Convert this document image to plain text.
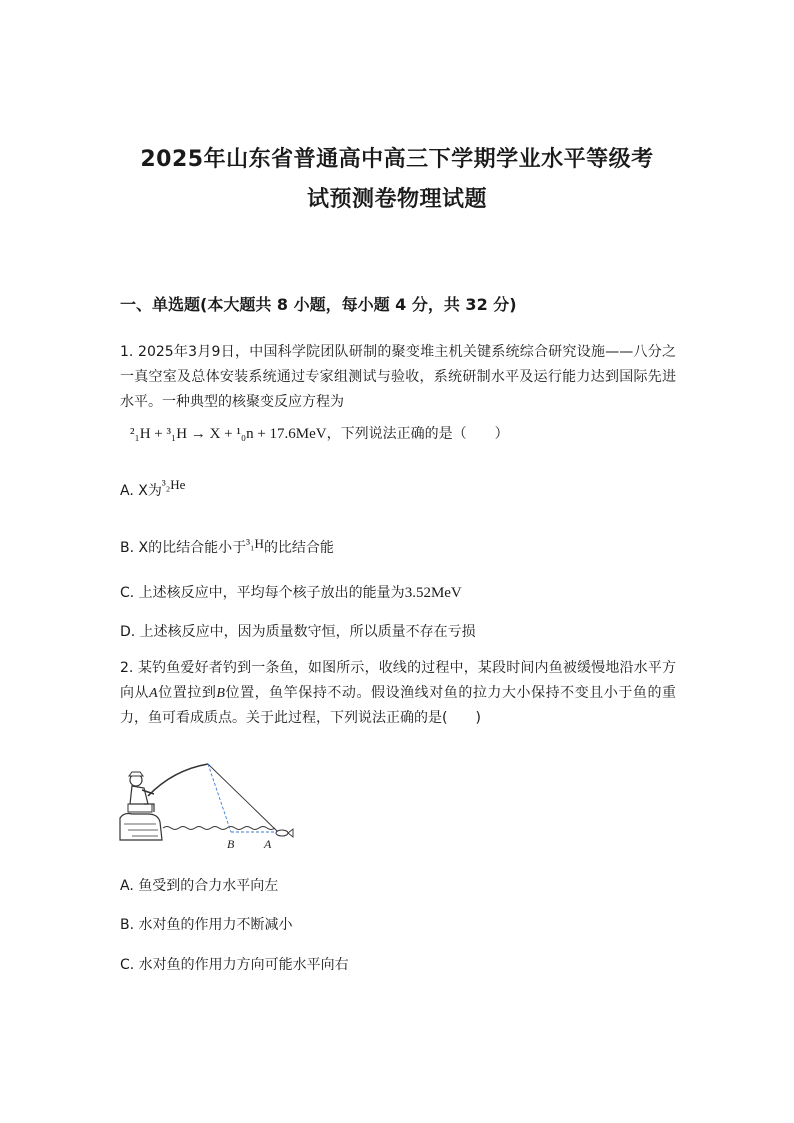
2025年山东省普通高中高三下学期学业水平等级考
试预测卷物理试题
一、单选题(本大题共 8 小题，每小题 4 分，共 32 分)
1. 2025年3月9日，中国科学院团队研制的聚变堆主机关键系统综合研究设施——八分之一真空室及总体安装系统通过专家组测试与验收，系统研制水平及运行能力达到国际先进水平。一种典型的核聚变反应方程为
²₁H + ³₁H → X + ¹₀n + 17.6MeV，下列说法正确的是（　　）
A. X为³₂He
B. X的比结合能小于³₁H的比结合能
C. 上述核反应中，平均每个核子放出的能量为3.52MeV
D. 上述核反应中，因为质量数守恒，所以质量不存在亏损
2. 某钓鱼爱好者钓到一条鱼，如图所示，收线的过程中，某段时间内鱼被缓慢地沿水平方向从A位置拉到B位置，鱼竿保持不动。假设渔线对鱼的拉力大小保持不变且小于鱼的重力，鱼可看成质点。关于此过程，下列说法正确的是(　　)
B A
A. 鱼受到的合力水平向左
B. 水对鱼的作用力不断减小
C. 水对鱼的作用力方向可能水平向右
